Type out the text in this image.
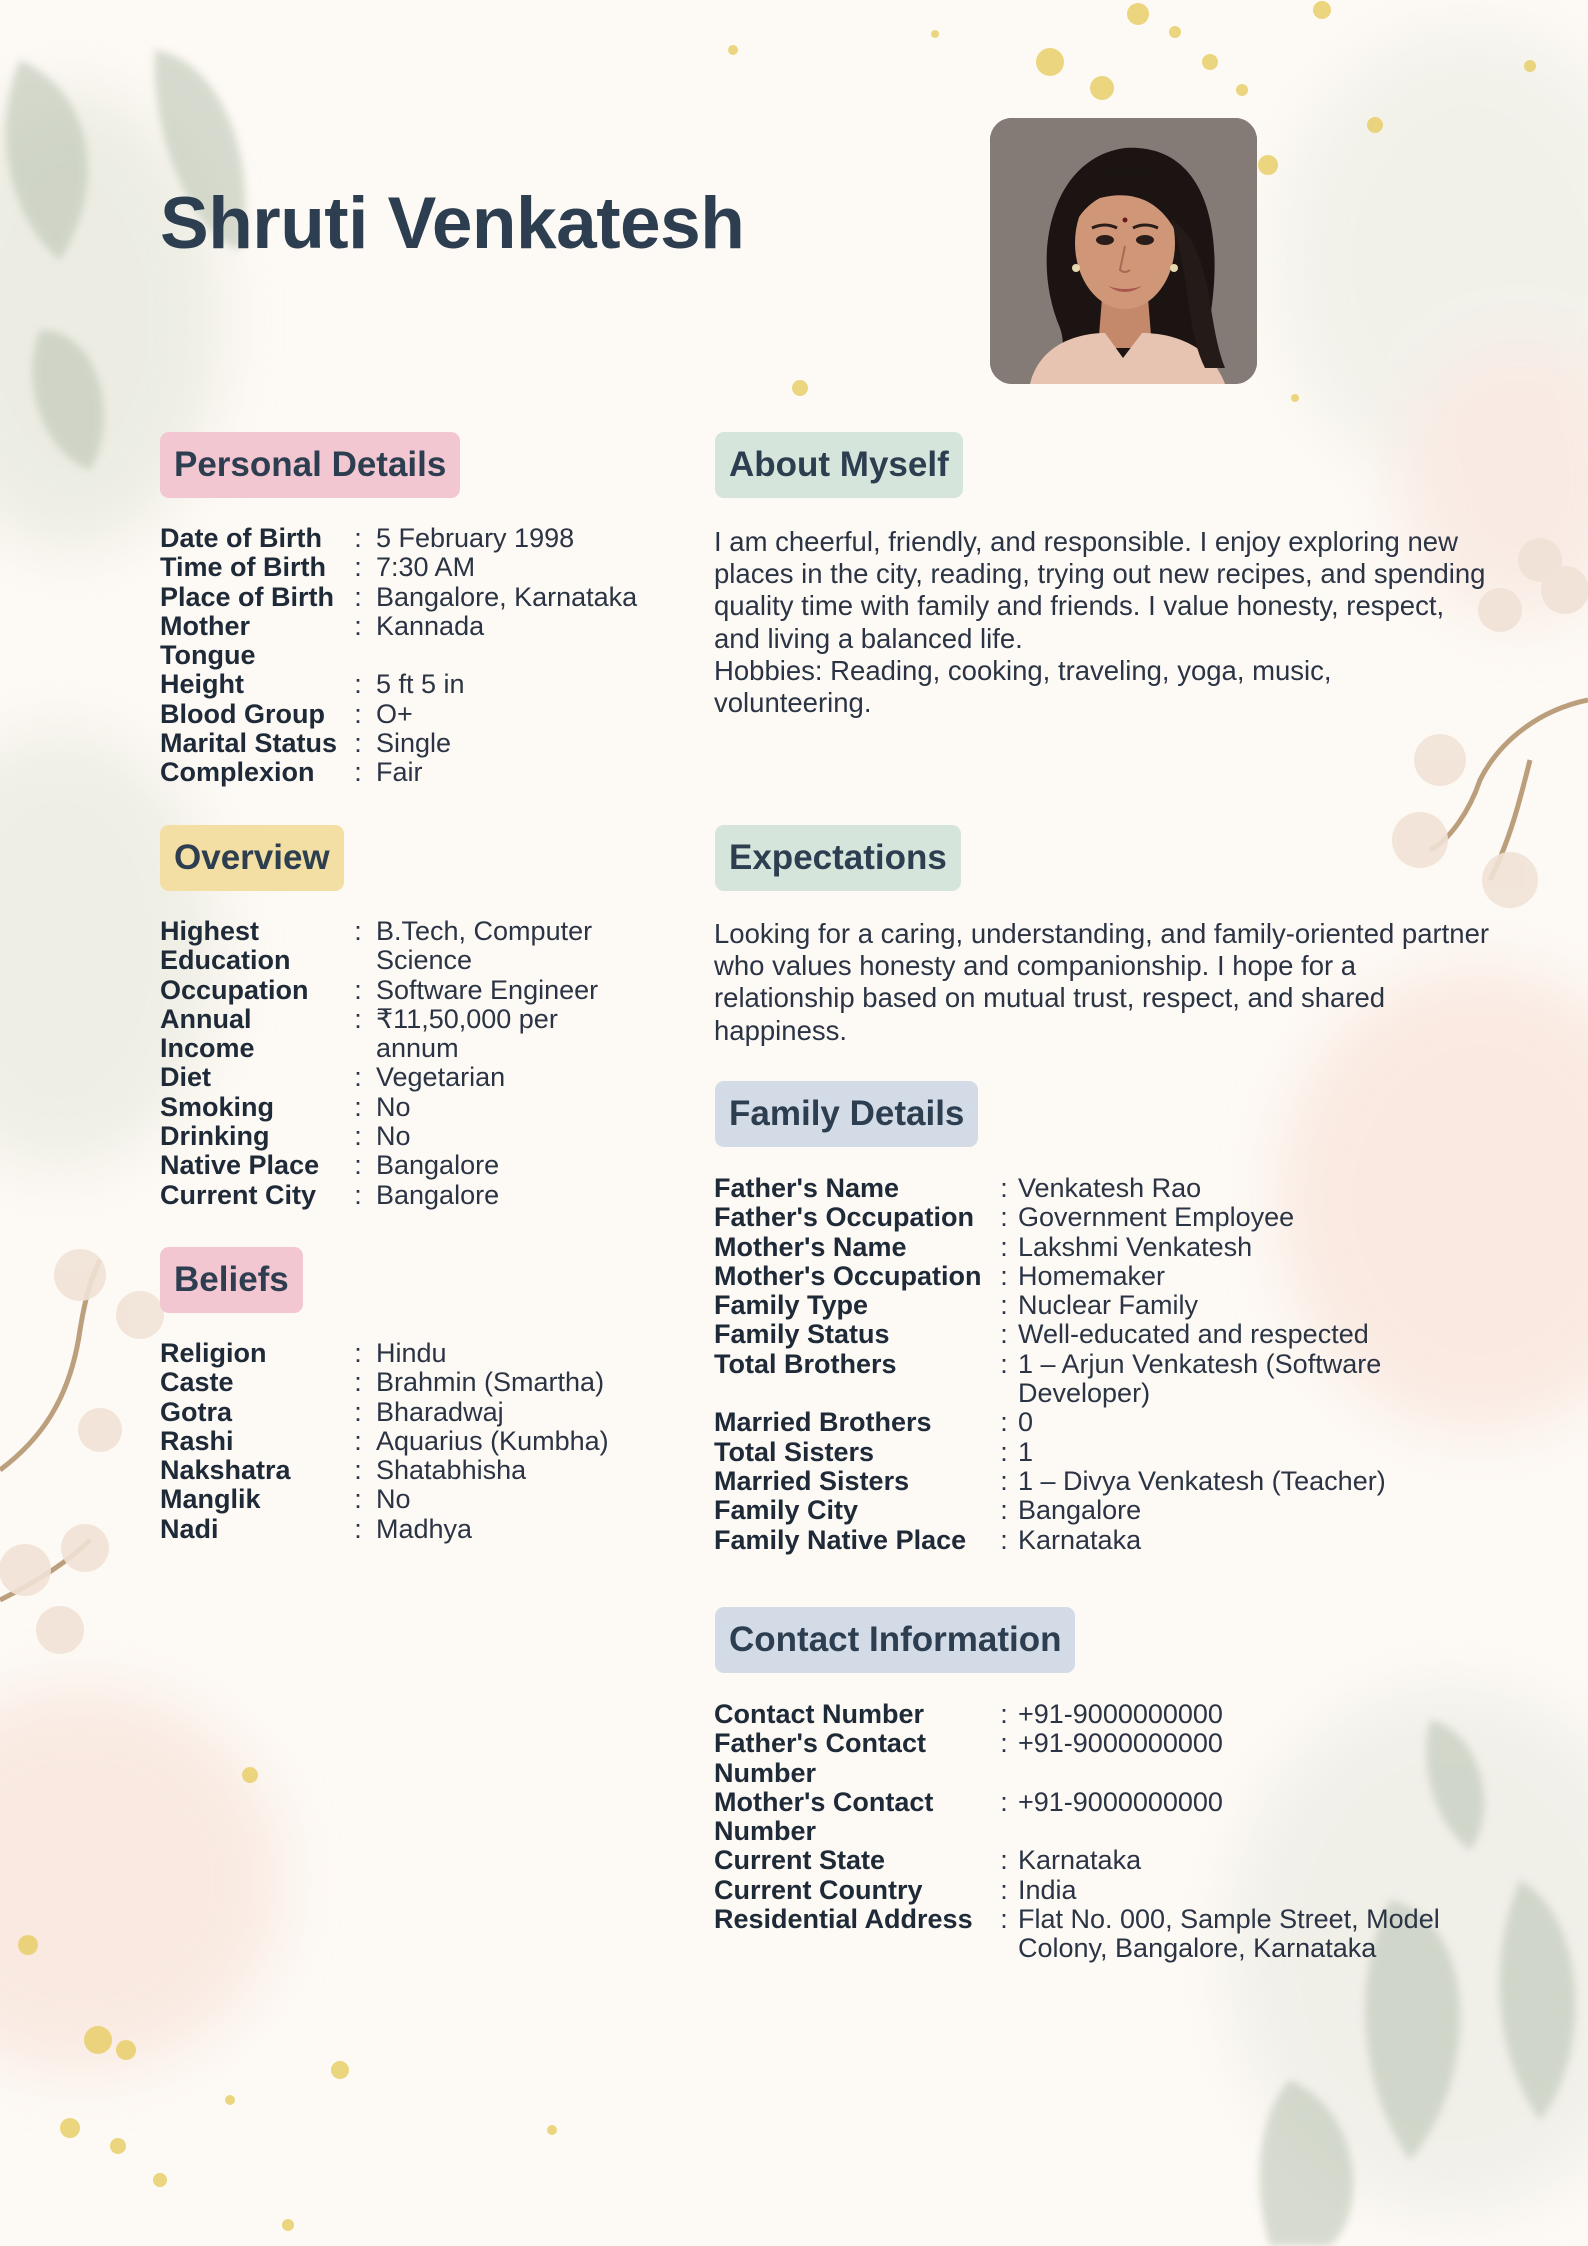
Shruti Venkatesh
Personal Details
Date of Birth	: 5 February 1998
Time of Birth	: 7:30 AM
Place of Birth : Bangalore, Karnataka
Mother Tongue
: Kannada
Height	: 5 ft 5 in
Blood Group	: O+
Marital Status : Single
Complexion	: Fair
About Myself
I am cheerful, friendly, and responsible. I enjoy exploring new places in the city, reading, trying out new recipes, and spending quality time with family and friends. I value honesty, respect, and living a balanced life.
Hobbies: Reading, cooking, traveling, yoga, music, volunteering.
Overview
Highest Education
: B.Tech, Computer Science
Occupation	: Software Engineer
Annual Income
: ₹11,50,000 per annum
Diet	: Vegetarian
Smoking	: No
Drinking	: No
Native Place	: Bangalore
Current City	: Bangalore
Expectations
Looking for a caring, understanding, and family-oriented partner who values honesty and companionship. I hope for a relationship based on mutual trust, respect, and shared happiness.
Family Details
Father's Name	: Venkatesh Rao
Father's Occupation : Government Employee
Mother's Name	: Lakshmi Venkatesh
Mother's Occupation : Homemaker
Family Type	: Nuclear Family
Family Status	: Well-educated and respected
Total Brothers	: 1 – Arjun Venkatesh (Software Developer)
Married Brothers	: 0
Total Sisters	: 1
Married Sisters	: 1 – Divya Venkatesh (Teacher)
Family City	: Bangalore
Family Native Place	: Karnataka
Beliefs
Religion	: Hindu
Caste	: Brahmin (Smartha)
Gotra	: Bharadwaj
Rashi	: Aquarius (Kumbha)
Nakshatra	: Shatabhisha
Manglik	: No
Nadi	: Madhya
Contact Information
Contact Number	: +91-9000000000
Father's Contact Number
: +91-9000000000
Mother's Contact Number
: +91-9000000000
Current State	: Karnataka
Current Country	: India
Residential Address	: Flat No. 000, Sample Street, Model Colony, Bangalore, Karnataka
